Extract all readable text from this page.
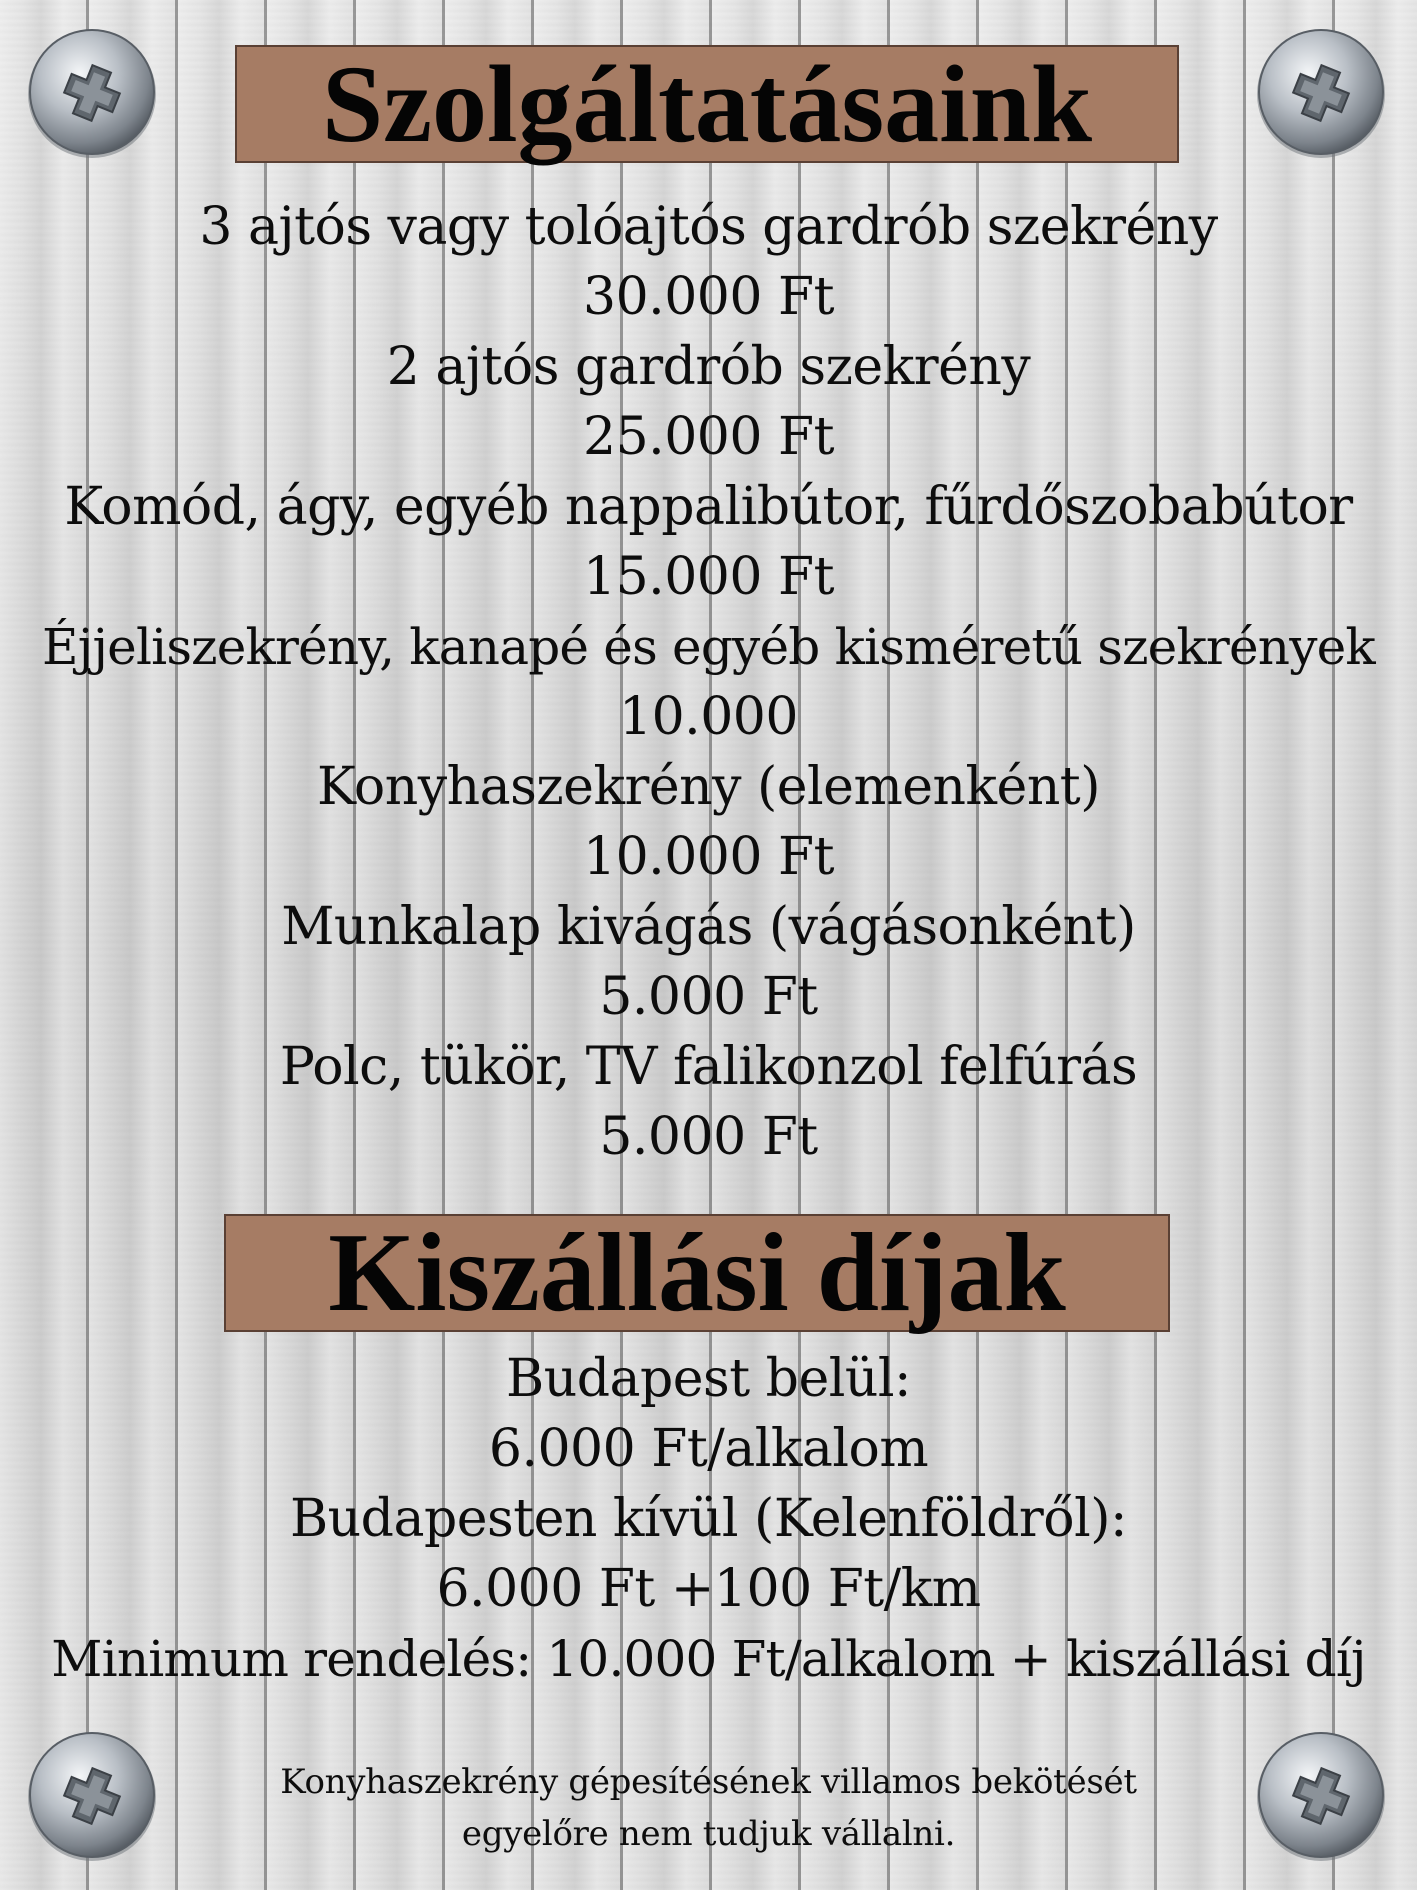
Szolgáltatásaink
3 ajtós vagy tolóajtós gardrób szekrény
30.000 Ft
2 ajtós gardrób szekrény
25.000 Ft
Komód, ágy, egyéb nappalibútor, fűrdőszobabútor
15.000 Ft
Éjjeliszekrény, kanapé és egyéb kisméretű szekrények
10.000
Konyhaszekrény (elemenként)
10.000 Ft
Munkalap kivágás (vágásonként)
5.000 Ft
Polc, tükör, TV falikonzol felfúrás
5.000 Ft
Kiszállási díjak
Budapest belül:
6.000 Ft/alkalom
Budapesten kívül (Kelenföldről):
6.000 Ft +100 Ft/km
Minimum rendelés: 10.000 Ft/alkalom + kiszállási díj
Konyhaszekrény gépesítésének villamos bekötését
egyelőre nem tudjuk vállalni.
